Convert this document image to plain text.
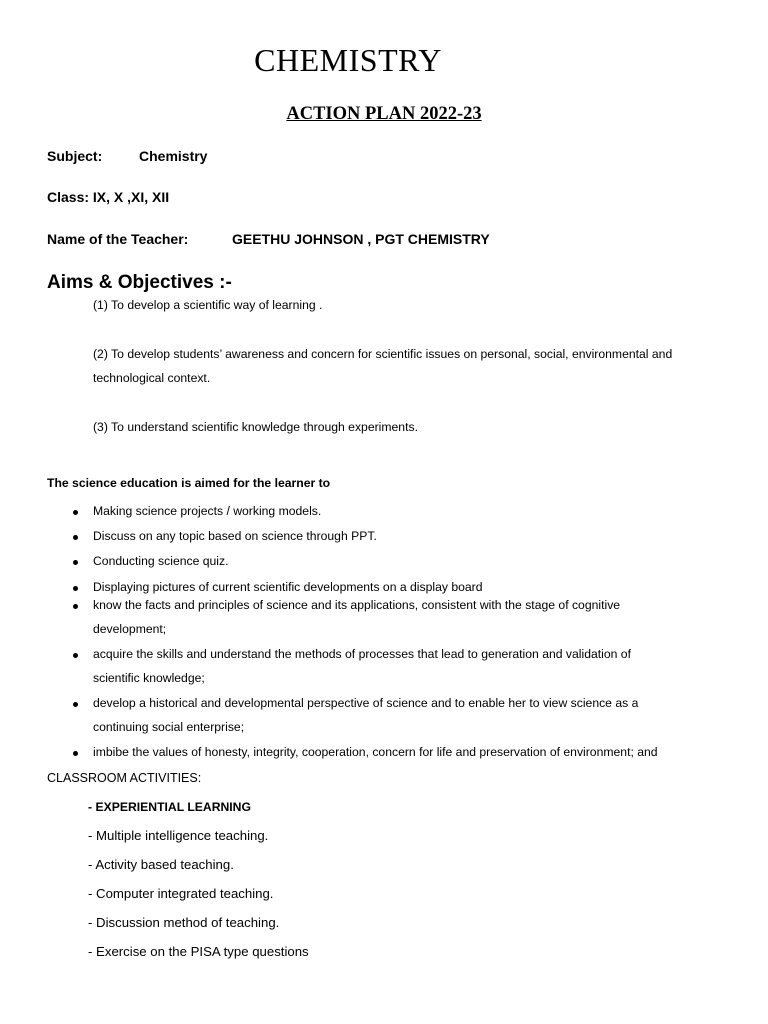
CHEMISTRY
ACTION PLAN 2022-23
Subject:	Chemistry
Class: IX, X ,XI, XII
Name of the Teacher:	GEETHU JOHNSON , PGT CHEMISTRY
Aims & Objectives :-
(1) To develop a scientific way of learning .
(2) To develop students’ awareness and concern for scientific issues on personal, social, environmental and
technological context.
(3) To understand scientific knowledge through experiments.
The science education is aimed for the learner to
Making science projects / working models.
Discuss on any topic based on science through PPT.
Conducting science quiz.
Displaying pictures of current scientific developments on a display board
know the facts and principles of science and its applications, consistent with the stage of cognitive
development;
acquire the skills and understand the methods of processes that lead to generation and validation of
scientific knowledge;
develop a historical and developmental perspective of science and to enable her to view science as a
continuing social enterprise;
imbibe the values of honesty, integrity, cooperation, concern for life and preservation of environment; and
CLASSROOM ACTIVITIES:
- EXPERIENTIAL LEARNING
- Multiple intelligence teaching.
- Activity based teaching.
- Computer integrated teaching.
- Discussion method of teaching.
- Exercise on the PISA type questions
